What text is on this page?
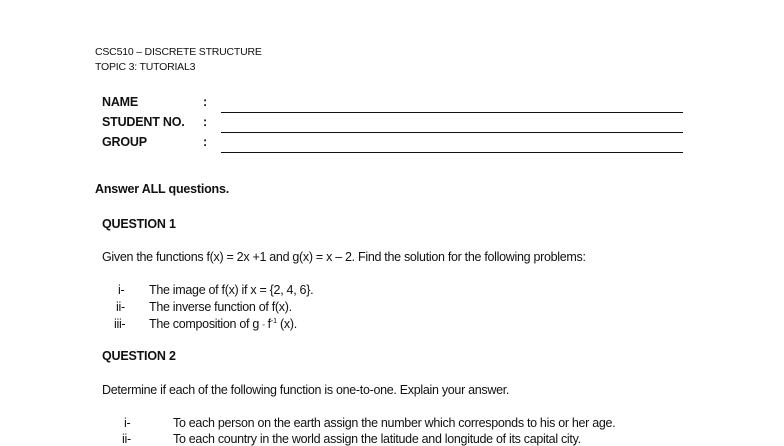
CSC510 – DISCRETE STRUCTURE
TOPIC 3: TUTORIAL3
NAME	:
STUDENT NO. :
GROUP	:
Answer ALL questions.
QUESTION 1
Given the functions f(x) = 2x +1 and g(x) = x – 2. Find the solution for the following problems:
i- The image of f(x) if x = {2, 4, 6}.
ii- The inverse function of f(x).
iii- The composition of g ◦ $f^{-1}$ (x).
QUESTION 2
Determine if each of the following function is one-to-one. Explain your answer.
i-	To each person on the earth assign the number which corresponds to his or her age.
ii-	To each country in the world assign the latitude and longitude of its capital city.
